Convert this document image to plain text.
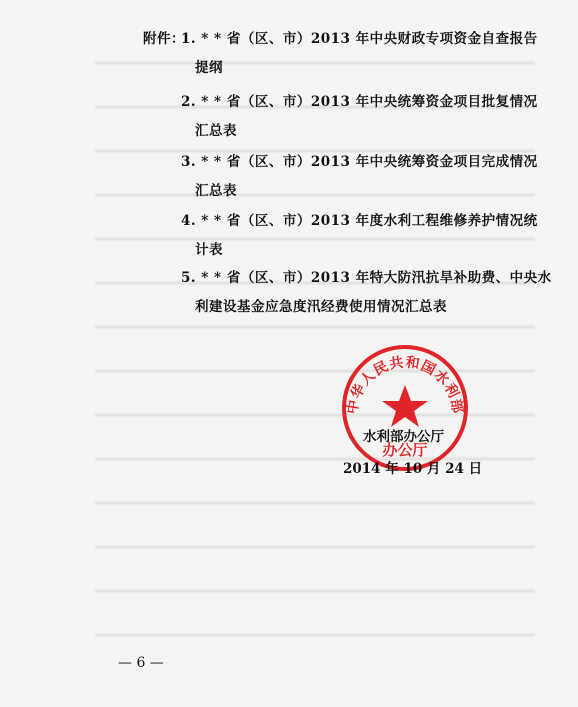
附件：
1. * * 省（区、市）2013 年中央财政专项资金自查报告
提纲
2. * * 省（区、市）2013 年中央统筹资金项目批复情况
汇总表
3. * * 省（区、市）2013 年中央统筹资金项目完成情况
汇总表
4. * * 省（区、市）2013 年度水利工程维修养护情况统
计表
5. * * 省（区、市）2013 年特大防汛抗旱补助费、中央水
利建设基金应急度汛经费使用情况汇总表
中华人民共和国水利部
办公厅
水利部办公厅
2014 年 10 月 24 日
— 6 —
